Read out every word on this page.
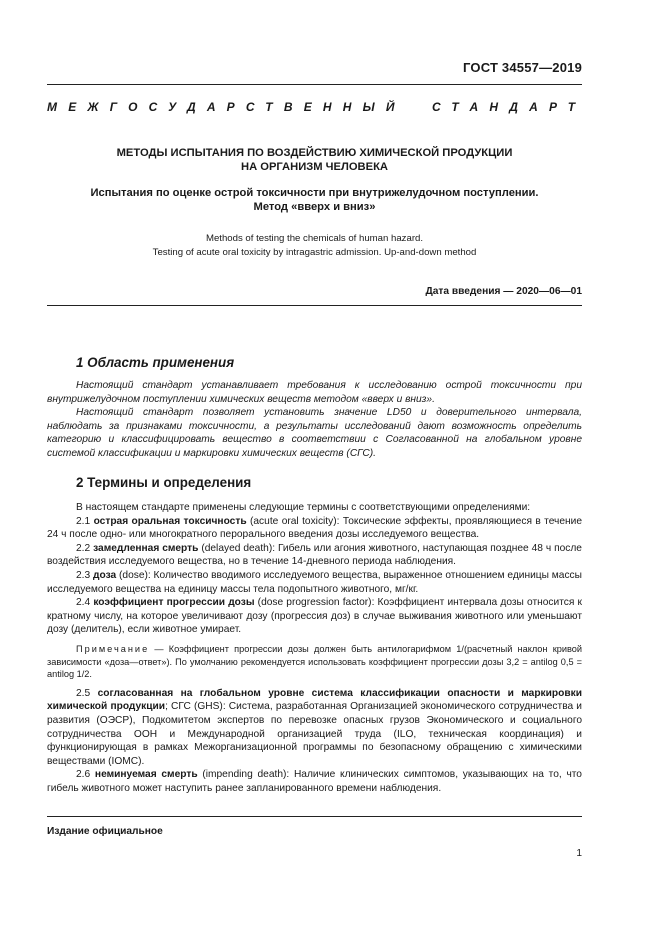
ГОСТ 34557—2019
МЕЖГОСУДАРСТВЕННЫЙ СТАНДАРТ
МЕТОДЫ ИСПЫТАНИЯ ПО ВОЗДЕЙСТВИЮ ХИМИЧЕСКОЙ ПРОДУКЦИИ
НА ОРГАНИЗМ ЧЕЛОВЕКА
Испытания по оценке острой токсичности при внутрижелудочном поступлении.
Метод «вверх и вниз»
Methods of testing the chemicals of human hazard.
Testing of acute oral toxicity by intragastric admission. Up-and-down method
Дата введения — 2020—06—01
1 Область применения

Настоящий стандарт устанавливает требования к исследованию острой токсичности при внутрижелудочном поступлении химических веществ методом «вверх и вниз».

Настоящий стандарт позволяет установить значение LD50 и доверительного интервала, наблюдать за признаками токсичности, а результаты исследований дают возможность определить категорию и классифицировать вещество в соответствии с Согласованной на глобальном уровне системой классификации и маркировки химических веществ (СГС).

2 Термины и определения

В настоящем стандарте применены следующие термины с соответствующими определениями:

2.1 острая оральная токсичность (acute oral toxicity): Токсические эффекты, проявляющиеся в течение 24 ч после одно- или многократного перорального введения дозы исследуемого вещества.

2.2 замедленная смерть (delayed death): Гибель или агония животного, наступающая позднее 48 ч после воздействия исследуемого вещества, но в течение 14-дневного периода наблюдения.

2.3 доза (dose): Количество вводимого исследуемого вещества, выраженное отношением единицы массы исследуемого вещества на единицу массы тела подопытного животного, мг/кг.

2.4 коэффициент прогрессии дозы (dose progression factor): Коэффициент интервала дозы относится к кратному числу, на которое увеличивают дозу (прогрессия доз) в случае выживания животного или уменьшают дозу (делитель), если животное умирает.

Примечание — Коэффициент прогрессии дозы должен быть антилогарифмом 1/(расчетный наклон кривой зависимости «доза—ответ»). По умолчанию рекомендуется использовать коэффициент прогрессии дозы 3,2 = antilog 0,5 = antilog 1/2.

2.5 согласованная на глобальном уровне система классификации опасности и маркировки химической продукции; СГС (GHS): Система, разработанная Организацией экономического сотрудничества и развития (ОЭСР), Подкомитетом экспертов по перевозке опасных грузов Экономического и социального сотрудничества ООН и Международной организацией труда (ILO, техническая координация) и функционирующая в рамках Межорганизационной программы по безопасному обращению с химическими веществами (IOMC).

2.6 неминуемая смерть (impending death): Наличие клинических симптомов, указывающих на то, что гибель животного может наступить ранее запланированного времени наблюдения.

Издание официальное
1
